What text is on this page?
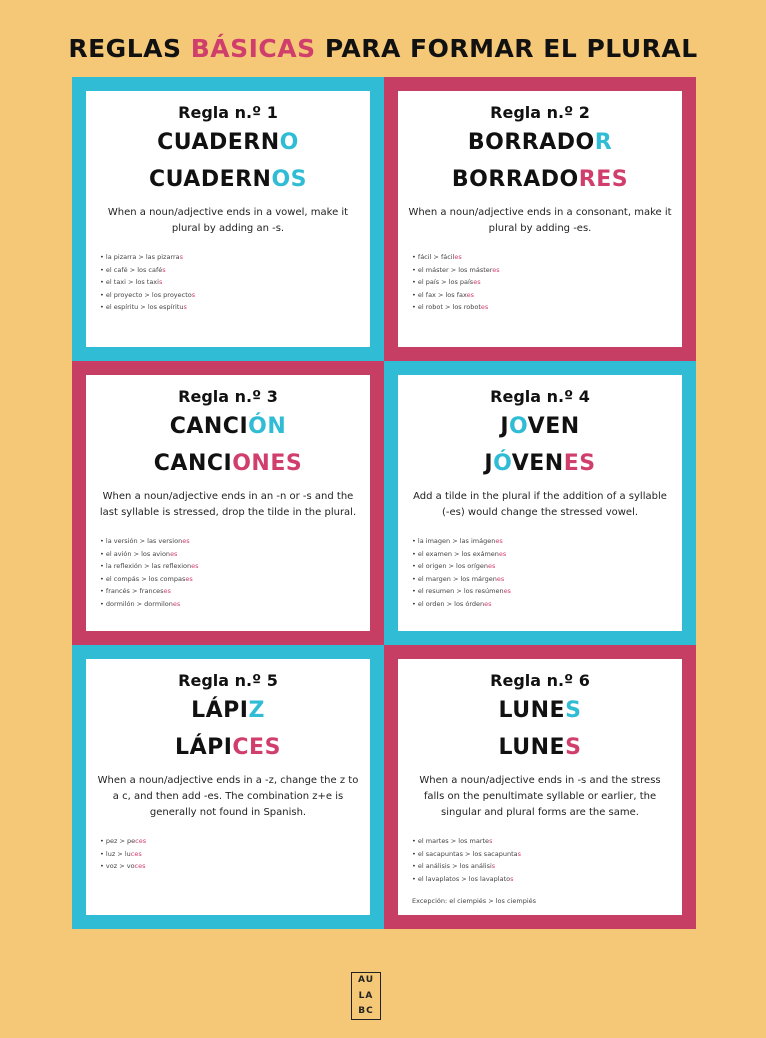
REGLAS BÁSICAS PARA FORMAR EL PLURAL
Regla n.º 1
CUADERNO
CUADERNOS
When a noun/adjective ends in a vowel, make it plural by adding an -s.
• la pizarra > las pizarras
• el café > los cafés
• el taxi > los taxis
• el proyecto > los proyectos
• el espíritu > los espíritus
Regla n.º 2
BORRADOR
BORRADORES
When a noun/adjective ends in a consonant, make it plural by adding -es.
• fácil > fáciles
• el máster > los másteres
• el país > los países
• el fax > los faxes
• el robot > los robotes
Regla n.º 3
CANCIÓN
CANCIONES
When a noun/adjective ends in an -n or -s and the last syllable is stressed, drop the tilde in the plural.
• la versión > las versiones
• el avión > los aviones
• la reflexión > las reflexiones
• el compás > los compases
• francés > franceses
• dormilón > dormilones
Regla n.º 4
JOVEN
JÓVENES
Add a tilde in the plural if the addition of a syllable (-es) would change the stressed vowel.
• la imagen > las imágenes
• el examen > los exámenes
• el origen > los orígenes
• el margen > los márgenes
• el resumen > los resúmenes
• el orden > los órdenes
Regla n.º 5
LÁPIZ
LÁPICES
When a noun/adjective ends in a -z, change the z to a c, and then add -es. The combination z+e is generally not found in Spanish.
• pez > peces
• luz > luces
• voz > voces
Regla n.º 6
LUNES
LUNES
When a noun/adjective ends in -s and the stress falls on the penultimate syllable or earlier, the singular and plural forms are the same.
• el martes > los martes
• el sacapuntas > los sacapuntas
• el análisis > los análisis
• el lavaplatos > los lavaplatos
Excepción: el ciempiés > los ciempiés
AU
LA
BC
